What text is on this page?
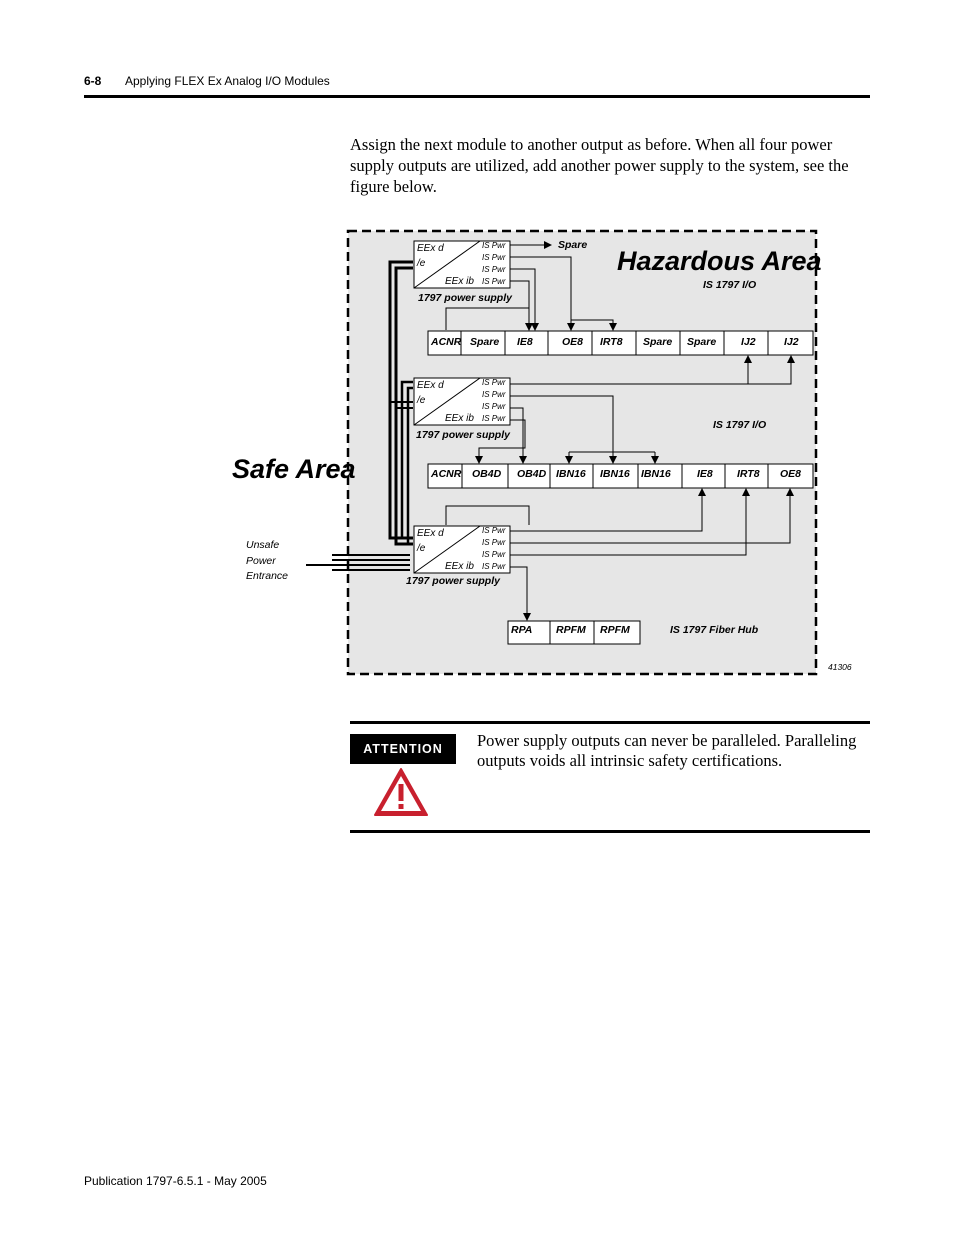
6-8 Applying FLEX Ex Analog I/O Modules

Assign the next module to another output as before. When all four power supply outputs are utilized, add another power supply to the system, see the figure below.

Hazardous Area
Safe Area
Unsafe
Power
Entrance
EEx d
/e
EEx ib
IS Pwr
IS Pwr
IS Pwr
IS Pwr
1797 power supply
EEx d
/e
EEx ib
IS Pwr
IS Pwr
IS Pwr
IS Pwr
1797 power supply
EEx d
/e
EEx ib
IS Pwr
IS Pwr
IS Pwr
IS Pwr
1797 power supply
ACNR Spare IE8	OE8 IRT8 Spare Spare IJ2	IJ2
IS 1797 I/O
ACNR OB4D OB4D IBN16 IBN16 IBN16 IE8 IRT8 OE8
IS 1797 I/O
RPA RPFM RPFM	IS 1797 Fiber Hub
Spare
41306
ATTENTION	Power supply outputs can never be paralleled. Paralleling outputs voids all intrinsic safety certifications.

Publication 1797-6.5.1 - May 2005
